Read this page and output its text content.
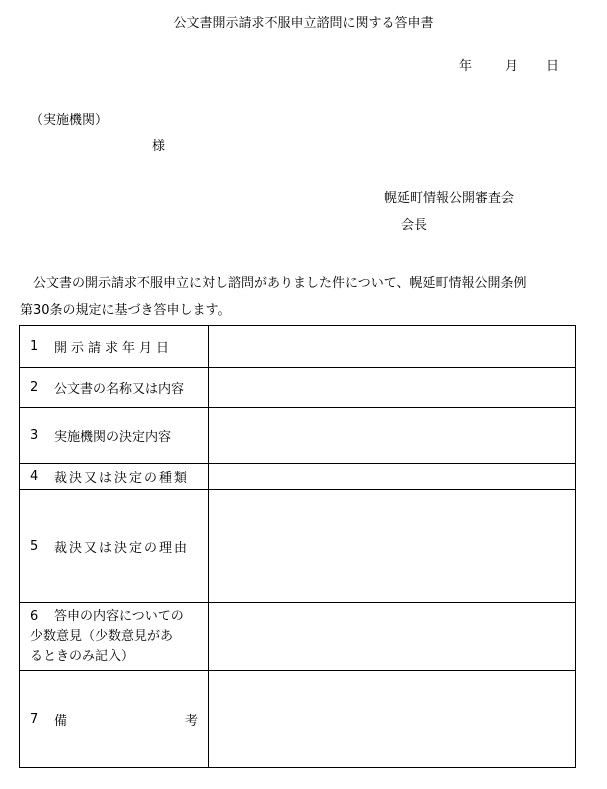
公文書開示請求不服申立諮問に関する答申書
年	月 日
（実施機関）
様
幌延町情報公開審査会
会長
公文書の開示請求不服申立に対し諮問がありました件について、幌延町情報公開条例
第30条の規定に基づき答申します。
1 開示請求年月日	

2 公文書の名称又は内容	

3 実施機関の決定内容	

4 裁決又は決定の種類	

5 裁決又は決定の理由	

6 答申の内容についての
少数意見（少数意見があ
るときのみ記入）	

7 備 考	
